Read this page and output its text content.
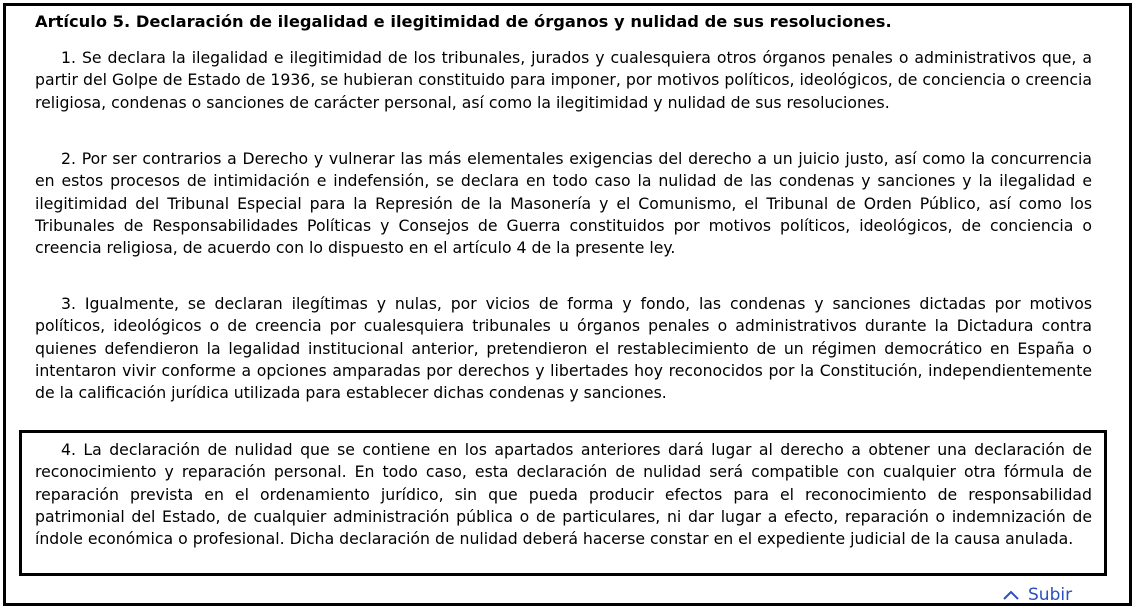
Artículo 5. Declaración de ilegalidad e ilegitimidad de órganos y nulidad de sus resoluciones.

1. Se declara la ilegalidad e ilegitimidad de los tribunales, jurados y cualesquiera otros órganos penales o administrativos que, a partir del Golpe de Estado de 1936, se hubieran constituido para imponer, por motivos políticos, ideológicos, de conciencia o creencia religiosa, condenas o sanciones de carácter personal, así como la ilegitimidad y nulidad de sus resoluciones.

2. Por ser contrarios a Derecho y vulnerar las más elementales exigencias del derecho a un juicio justo, así como la concurrencia en estos procesos de intimidación e indefensión, se declara en todo caso la nulidad de las condenas y sanciones y la ilegalidad e ilegitimidad del Tribunal Especial para la Represión de la Masonería y el Comunismo, el Tribunal de Orden Público, así como los Tribunales de Responsabilidades Políticas y Consejos de Guerra constituidos por motivos políticos, ideológicos, de conciencia o creencia religiosa, de acuerdo con lo dispuesto en el artículo 4 de la presente ley.

3. Igualmente, se declaran ilegítimas y nulas, por vicios de forma y fondo, las condenas y sanciones dictadas por motivos políticos, ideológicos o de creencia por cualesquiera tribunales u órganos penales o administrativos durante la Dictadura contra quienes defendieron la legalidad institucional anterior, pretendieron el restablecimiento de un régimen democrático en España o intentaron vivir conforme a opciones amparadas por derechos y libertades hoy reconocidos por la Constitución, independientemente de la calificación jurídica utilizada para establecer dichas condenas y sanciones.

4. La declaración de nulidad que se contiene en los apartados anteriores dará lugar al derecho a obtener una declaración de reconocimiento y reparación personal. En todo caso, esta declaración de nulidad será compatible con cualquier otra fórmula de reparación prevista en el ordenamiento jurídico, sin que pueda producir efectos para el reconocimiento de responsabilidad patrimonial del Estado, de cualquier administración pública o de particulares, ni dar lugar a efecto, reparación o indemnización de índole económica o profesional. Dicha declaración de nulidad deberá hacerse constar en el expediente judicial de la causa anulada.

Subir
